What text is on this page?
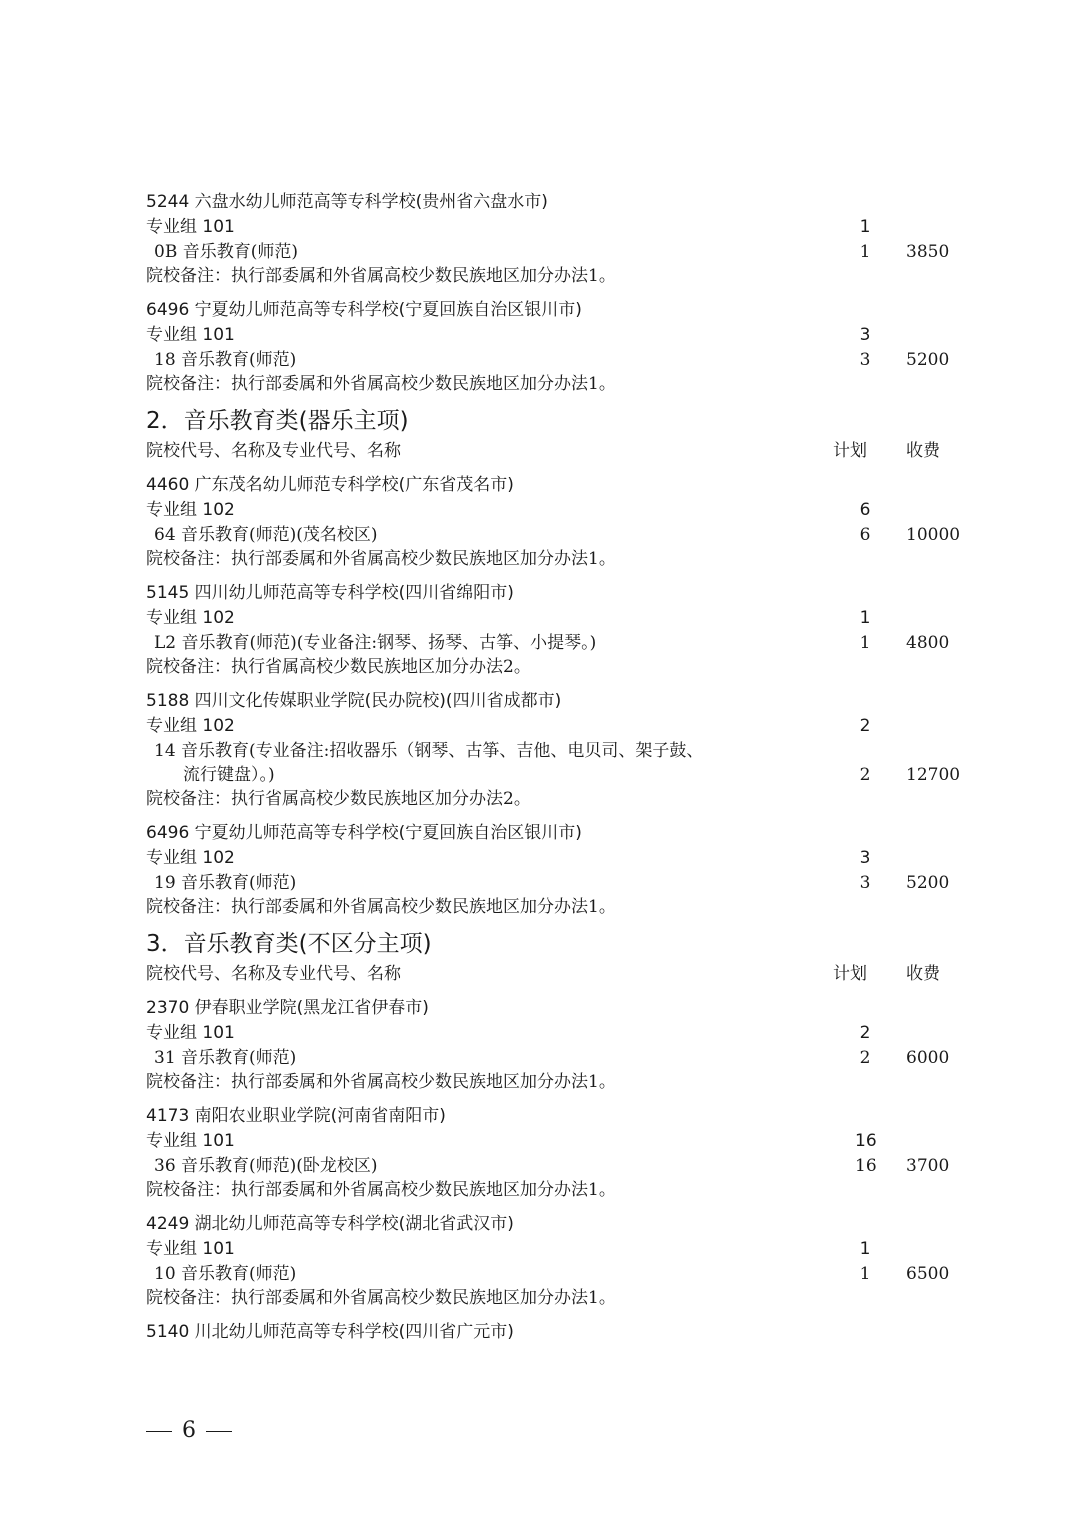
5244 六盘水幼儿师范高等专科学校(贵州省六盘水市)
专业组 101	1
0B 音乐教育(师范)	1 3850
院校备注：执行部委属和外省属高校少数民族地区加分办法1。
6496 宁夏幼儿师范高等专科学校(宁夏回族自治区银川市)
专业组 101	3
18 音乐教育(师范)	3 5200
院校备注：执行部委属和外省属高校少数民族地区加分办法1。
2．音乐教育类(器乐主项)
院校代号、名称及专业代号、名称	计划 收费
4460 广东茂名幼儿师范专科学校(广东省茂名市)
专业组 102	6
64 音乐教育(师范)(茂名校区)	6 10000
院校备注：执行部委属和外省属高校少数民族地区加分办法1。
5145 四川幼儿师范高等专科学校(四川省绵阳市)
专业组 102	1
L2 音乐教育(师范)(专业备注:钢琴、扬琴、古筝、小提琴。)	1 4800
院校备注：执行省属高校少数民族地区加分办法2。
5188 四川文化传媒职业学院(民办院校)(四川省成都市)
专业组 102	2
14 音乐教育(专业备注:招收器乐（钢琴、古筝、吉他、电贝司、架子鼓、
流行键盘）。)	2 12700
院校备注：执行省属高校少数民族地区加分办法2。
6496 宁夏幼儿师范高等专科学校(宁夏回族自治区银川市)
专业组 102	3
19 音乐教育(师范)	3 5200
院校备注：执行部委属和外省属高校少数民族地区加分办法1。
3．音乐教育类(不区分主项)
院校代号、名称及专业代号、名称	计划 收费
2370 伊春职业学院(黑龙江省伊春市)
专业组 101	2
31 音乐教育(师范)	2 6000
院校备注：执行部委属和外省属高校少数民族地区加分办法1。
4173 南阳农业职业学院(河南省南阳市)
专业组 101	16
36 音乐教育(师范)(卧龙校区)	16 3700
院校备注：执行部委属和外省属高校少数民族地区加分办法1。
4249 湖北幼儿师范高等专科学校(湖北省武汉市)
专业组 101	1
10 音乐教育(师范)	1 6500
院校备注：执行部委属和外省属高校少数民族地区加分办法1。
5140 川北幼儿师范高等专科学校(四川省广元市)
6
